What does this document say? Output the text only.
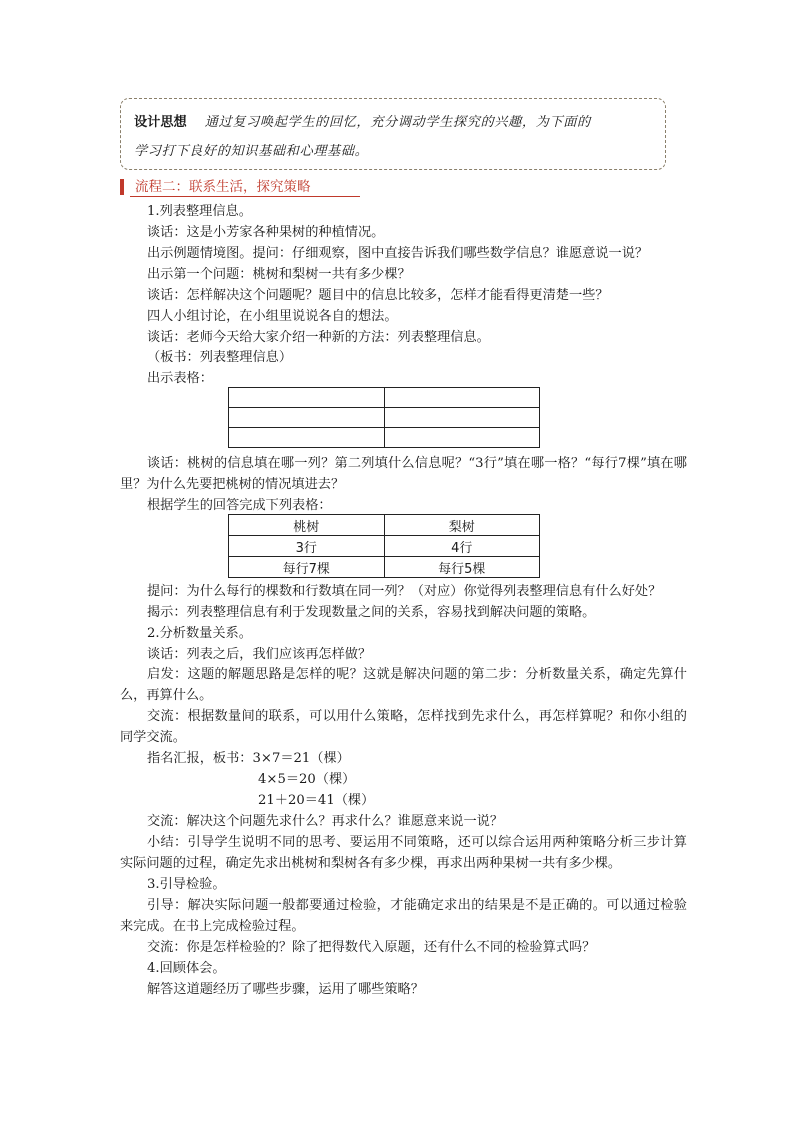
设计思想 通过复习唤起学生的回忆，充分调动学生探究的兴趣，为下面的
学习打下良好的知识基础和心理基础。
流程二：联系生活，探究策略
1.列表整理信息。
谈话：这是小芳家各种果树的种植情况。
出示例题情境图。提问：仔细观察，图中直接告诉我们哪些数学信息？谁愿意说一说？
出示第一个问题：桃树和梨树一共有多少棵？
谈话：怎样解决这个问题呢？题目中的信息比较多，怎样才能看得更清楚一些？
四人小组讨论，在小组里说说各自的想法。
谈话：老师今天给大家介绍一种新的方法：列表整理信息。
（板书：列表整理信息）
出示表格：

谈话：桃树的信息填在哪一列？第二列填什么信息呢？“3行”填在哪一格？“每行7棵”填在哪里？为什么先要把桃树的情况填进去？
根据学生的回答完成下列表格：
桃树	梨树
3行	4行
每行7棵	每行5棵
提问：为什么每行的棵数和行数填在同一列？（对应）你觉得列表整理信息有什么好处？
揭示：列表整理信息有利于发现数量之间的关系，容易找到解决问题的策略。
2.分析数量关系。
谈话：列表之后，我们应该再怎样做？
启发：这题的解题思路是怎样的呢？这就是解决问题的第二步：分析数量关系，确定先算什么，再算什么。
交流：根据数量间的联系，可以用什么策略，怎样找到先求什么，再怎样算呢？和你小组的同学交流。
指名汇报，板书：3×7＝21（棵）
4×5＝20（棵）
21＋20＝41（棵）
交流：解决这个问题先求什么？再求什么？谁愿意来说一说？
小结：引导学生说明不同的思考、要运用不同策略，还可以综合运用两种策略分析三步计算实际问题的过程，确定先求出桃树和梨树各有多少棵，再求出两种果树一共有多少棵。
3.引导检验。
引导：解决实际问题一般都要通过检验，才能确定求出的结果是不是正确的。可以通过检验来完成。在书上完成检验过程。
交流：你是怎样检验的？除了把得数代入原题，还有什么不同的检验算式吗？
4.回顾体会。
解答这道题经历了哪些步骤，运用了哪些策略？
